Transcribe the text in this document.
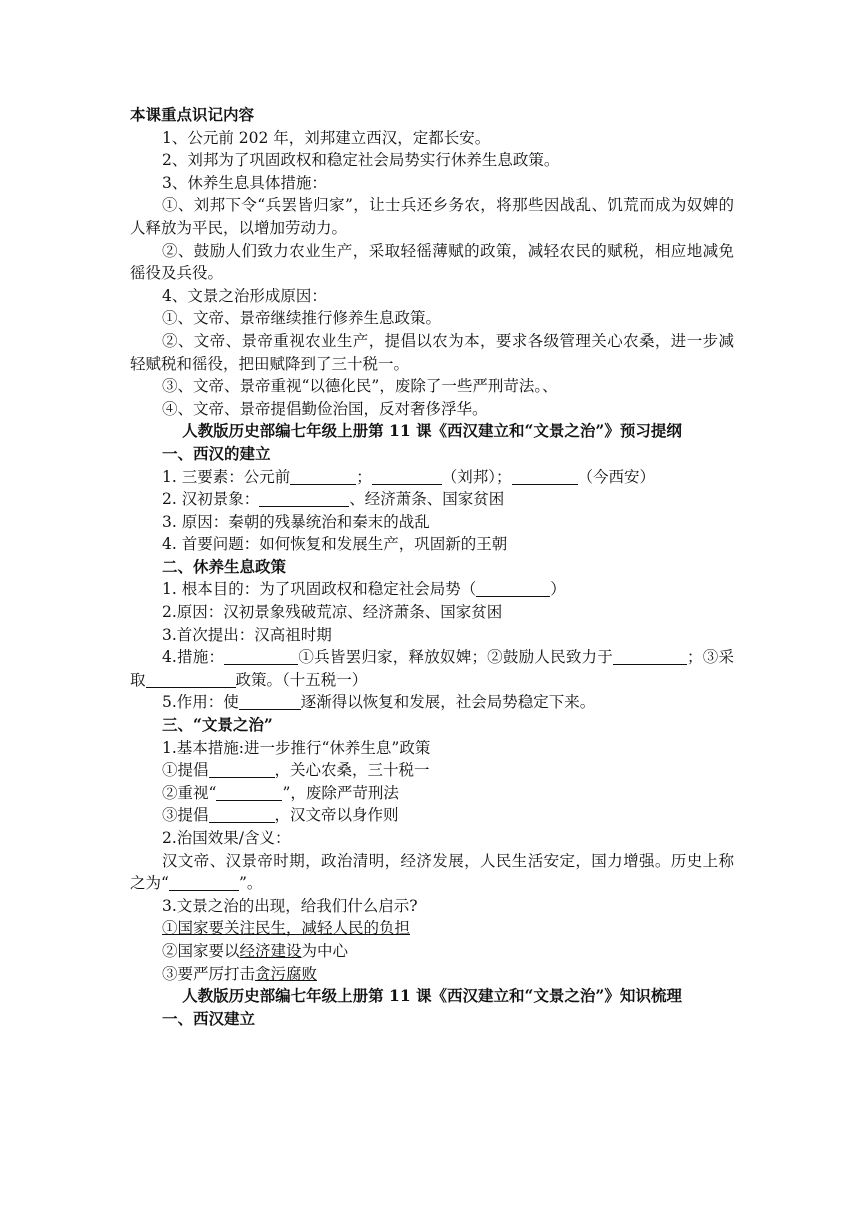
本课重点识记内容

1、公元前 202 年，刘邦建立西汉，定都长安。

2、刘邦为了巩固政权和稳定社会局势实行休养生息政策。

3、休养生息具体措施：

①、刘邦下令“兵罢皆归家”，让士兵还乡务农，将那些因战乱、饥荒而成为奴婢的人释放为平民，以增加劳动力。

②、鼓励人们致力农业生产，采取轻徭薄赋的政策，减轻农民的赋税，相应地减免徭役及兵役。

4、文景之治形成原因：

①、文帝、景帝继续推行修养生息政策。

②、文帝、景帝重视农业生产，提倡以农为本，要求各级管理关心农桑，进一步减轻赋税和徭役，把田赋降到了三十税一。

③、文帝、景帝重视“以德化民”，废除了一些严刑苛法。、

④、文帝、景帝提倡勤俭治国，反对奢侈浮华。

人教版历史部编七年级上册第 11 课《西汉建立和“文景之治”》预习提纲

一、西汉的建立

1. 三要素：公元前	；	（刘邦）；	（今西安）

2. 汉初景象：	、经济萧条、国家贫困

3. 原因：秦朝的残暴统治和秦末的战乱

4. 首要问题：如何恢复和发展生产，巩固新的王朝

二、休养生息政策

1. 根本目的：为了巩固政权和稳定社会局势（	）

2.原因：汉初景象残破荒凉、经济萧条、国家贫困

3.首次提出：汉高祖时期

4.措施：	①兵皆罢归家，释放奴婢；②鼓励人民致力于	；③采取	政策。（十五税一）

5.作用：使	逐渐得以恢复和发展，社会局势稳定下来。

三、“文景之治”

1.基本措施:进一步推行“休养生息”政策

①提倡	，关心农桑，三十税一

②重视“	”，废除严苛刑法

③提倡	，汉文帝以身作则

2.治国效果/含义：

汉文帝、汉景帝时期，政治清明，经济发展，人民生活安定，国力增强。历史上称之为“	”。

3.文景之治的出现，给我们什么启示?

①国家要关注民生，减轻人民的负担

②国家要以经济建设为中心

③要严厉打击贪污腐败

人教版历史部编七年级上册第 11 课《西汉建立和“文景之治”》知识梳理

一、西汉建立
